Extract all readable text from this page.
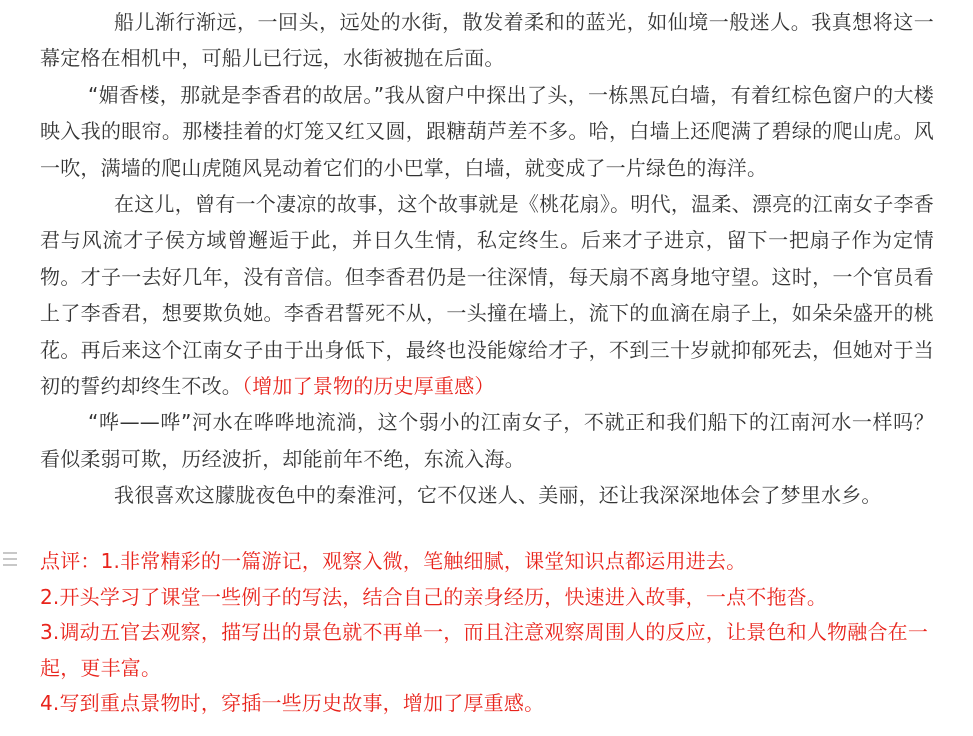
船儿渐行渐远，一回头，远处的水街，散发着柔和的蓝光，如仙境一般迷人。我真想将这一幕定格在相机中，可船儿已行远，水街被抛在后面。

“媚香楼，那就是李香君的故居。”我从窗户中探出了头，一栋黑瓦白墙，有着红棕色窗户的大楼映入我的眼帘。那楼挂着的灯笼又红又圆，跟糖葫芦差不多。哈，白墙上还爬满了碧绿的爬山虎。风一吹，满墙的爬山虎随风晃动着它们的小巴掌，白墙，就变成了一片绿色的海洋。

在这儿，曾有一个凄凉的故事，这个故事就是《桃花扇》。明代，温柔、漂亮的江南女子李香君与风流才子侯方域曾邂逅于此，并日久生情，私定终生。后来才子进京，留下一把扇子作为定情物。才子一去好几年，没有音信。但李香君仍是一往深情，每天扇不离身地守望。这时，一个官员看上了李香君，想要欺负她。李香君誓死不从，一头撞在墙上，流下的血滴在扇子上，如朵朵盛开的桃花。再后来这个江南女子由于出身低下，最终也没能嫁给才子，不到三十岁就抑郁死去，但她对于当初的誓约却终生不改。（增加了景物的历史厚重感）

“哗——哗”河水在哗哗地流淌，这个弱小的江南女子，不就正和我们船下的江南河水一样吗？看似柔弱可欺，历经波折，却能前年不绝，东流入海。

我很喜欢这朦胧夜色中的秦淮河，它不仅迷人、美丽，还让我深深地体会了梦里水乡。

点评：1.非常精彩的一篇游记，观察入微，笔触细腻，课堂知识点都运用进去。

2.开头学习了课堂一些例子的写法，结合自己的亲身经历，快速进入故事，一点不拖沓。

3.调动五官去观察，描写出的景色就不再单一，而且注意观察周围人的反应，让景色和人物融合在一起，更丰富。

4.写到重点景物时，穿插一些历史故事，增加了厚重感。
